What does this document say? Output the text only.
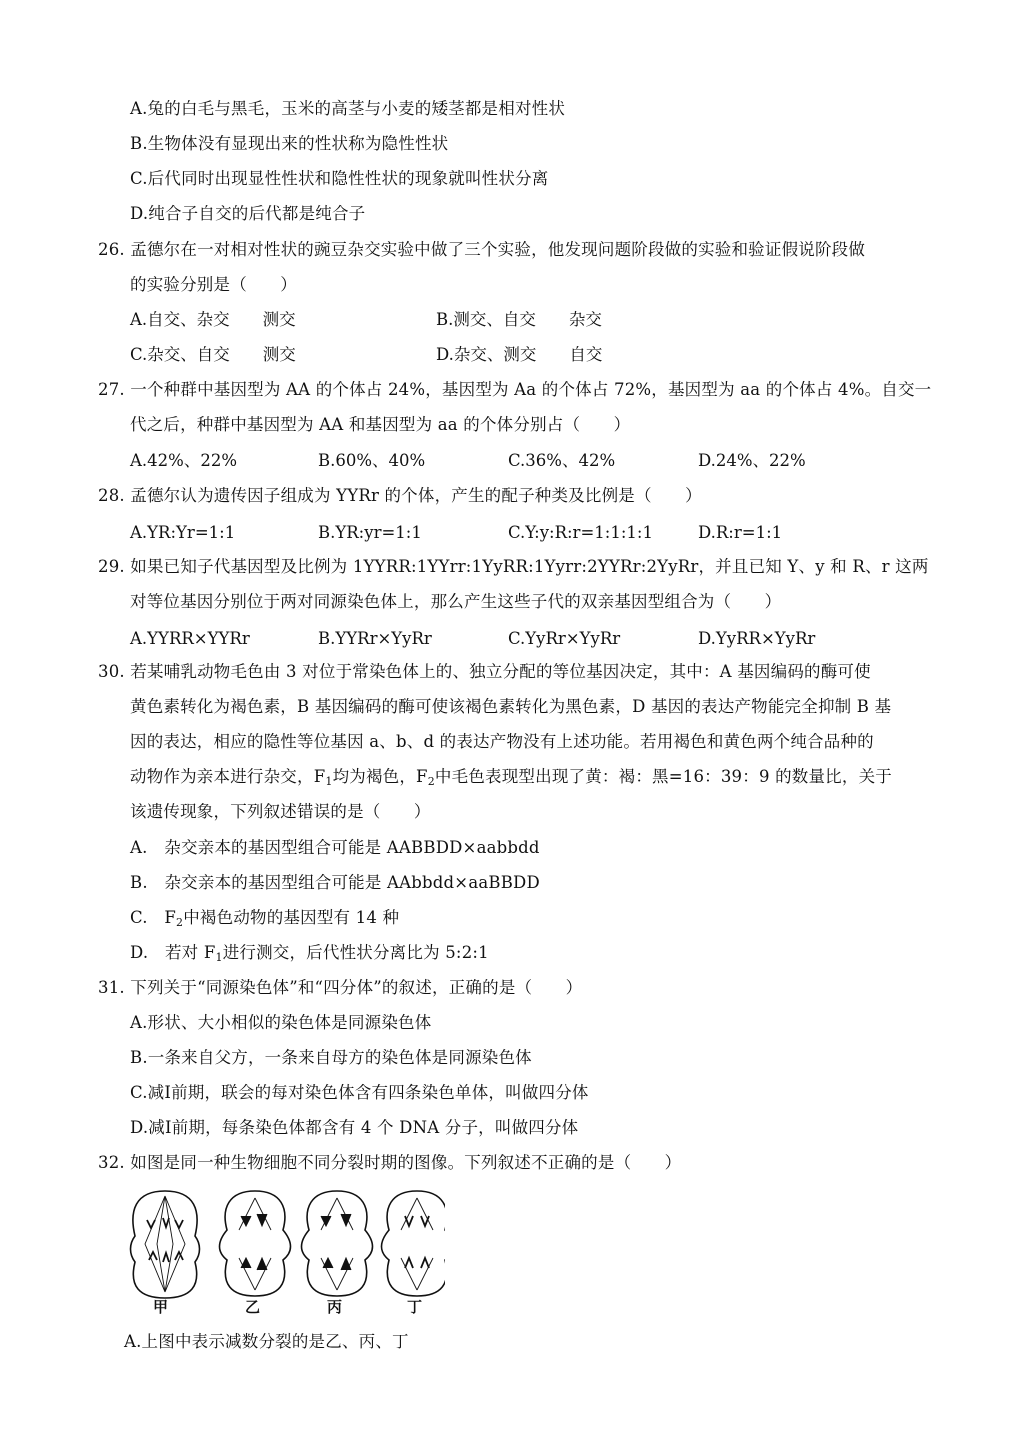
A.兔的白毛与黑毛，玉米的高茎与小麦的矮茎都是相对性状
B.生物体没有显现出来的性状称为隐性性状
C.后代同时出现显性性状和隐性性状的现象就叫性状分离
D.纯合子自交的后代都是纯合子
26. 孟德尔在一对相对性状的豌豆杂交实验中做了三个实验，他发现问题阶段做的实验和验证假说阶段做
的实验分别是（　　）
A.自交、杂交　　测交	B.测交、自交　　杂交
C.杂交、自交　　测交	D.杂交、测交　　自交
27. 一个种群中基因型为 AA 的个体占 24%，基因型为 Aa 的个体占 72%，基因型为 aa 的个体占 4%。自交一
代之后，种群中基因型为 AA 和基因型为 aa 的个体分别占（　　）
A.42%、22%	B.60%、40%	C.36%、42%	D.24%、22%
28. 孟德尔认为遗传因子组成为 YYRr 的个体，产生的配子种类及比例是（　　）
A.YR:Yr=1:1	B.YR:yr=1:1	C.Y:y:R:r=1:1:1:1	D.R:r=1:1
29. 如果已知子代基因型及比例为 1YYRR:1YYrr:1YyRR:1Yyrr:2YYRr:2YyRr，并且已知 Y、y 和 R、r 这两
对等位基因分别位于两对同源染色体上，那么产生这些子代的双亲基因型组合为（　　）
A.YYRR×YYRr	B.YYRr×YyRr	C.YyRr×YyRr	D.YyRR×YyRr
30. 若某哺乳动物毛色由 3 对位于常染色体上的、独立分配的等位基因决定，其中：A 基因编码的酶可使
黄色素转化为褐色素，B 基因编码的酶可使该褐色素转化为黑色素，D 基因的表达产物能完全抑制 B 基
因的表达，相应的隐性等位基因 a、b、d 的表达产物没有上述功能。若用褐色和黄色两个纯合品种的
动物作为亲本进行杂交，$F_1$均为褐色，$F_2$中毛色表现型出现了黄：褐：黑=16：39：9 的数量比，关于
该遗传现象，下列叙述错误的是（　　）
A.　杂交亲本的基因型组合可能是 AABBDD×aabbdd
B.　杂交亲本的基因型组合可能是 AAbbdd×aaBBDD
C.　$F_2$中褐色动物的基因型有 14 种
D.　若对 $F_1$进行测交，后代性状分离比为 5:2:1
31. 下列关于“同源染色体”和“四分体”的叙述，正确的是（　　）
A.形状、大小相似的染色体是同源染色体
B.一条来自父方，一条来自母方的染色体是同源染色体
C.减Ⅰ前期，联会的每对染色体含有四条染色单体，叫做四分体
D.减Ⅰ前期，每条染色体都含有 4 个 DNA 分子，叫做四分体
32. 如图是同一种生物细胞不同分裂时期的图像。下列叙述不正确的是（　　）
甲	乙	丙	丁
A.上图中表示减数分裂的是乙、丙、丁
